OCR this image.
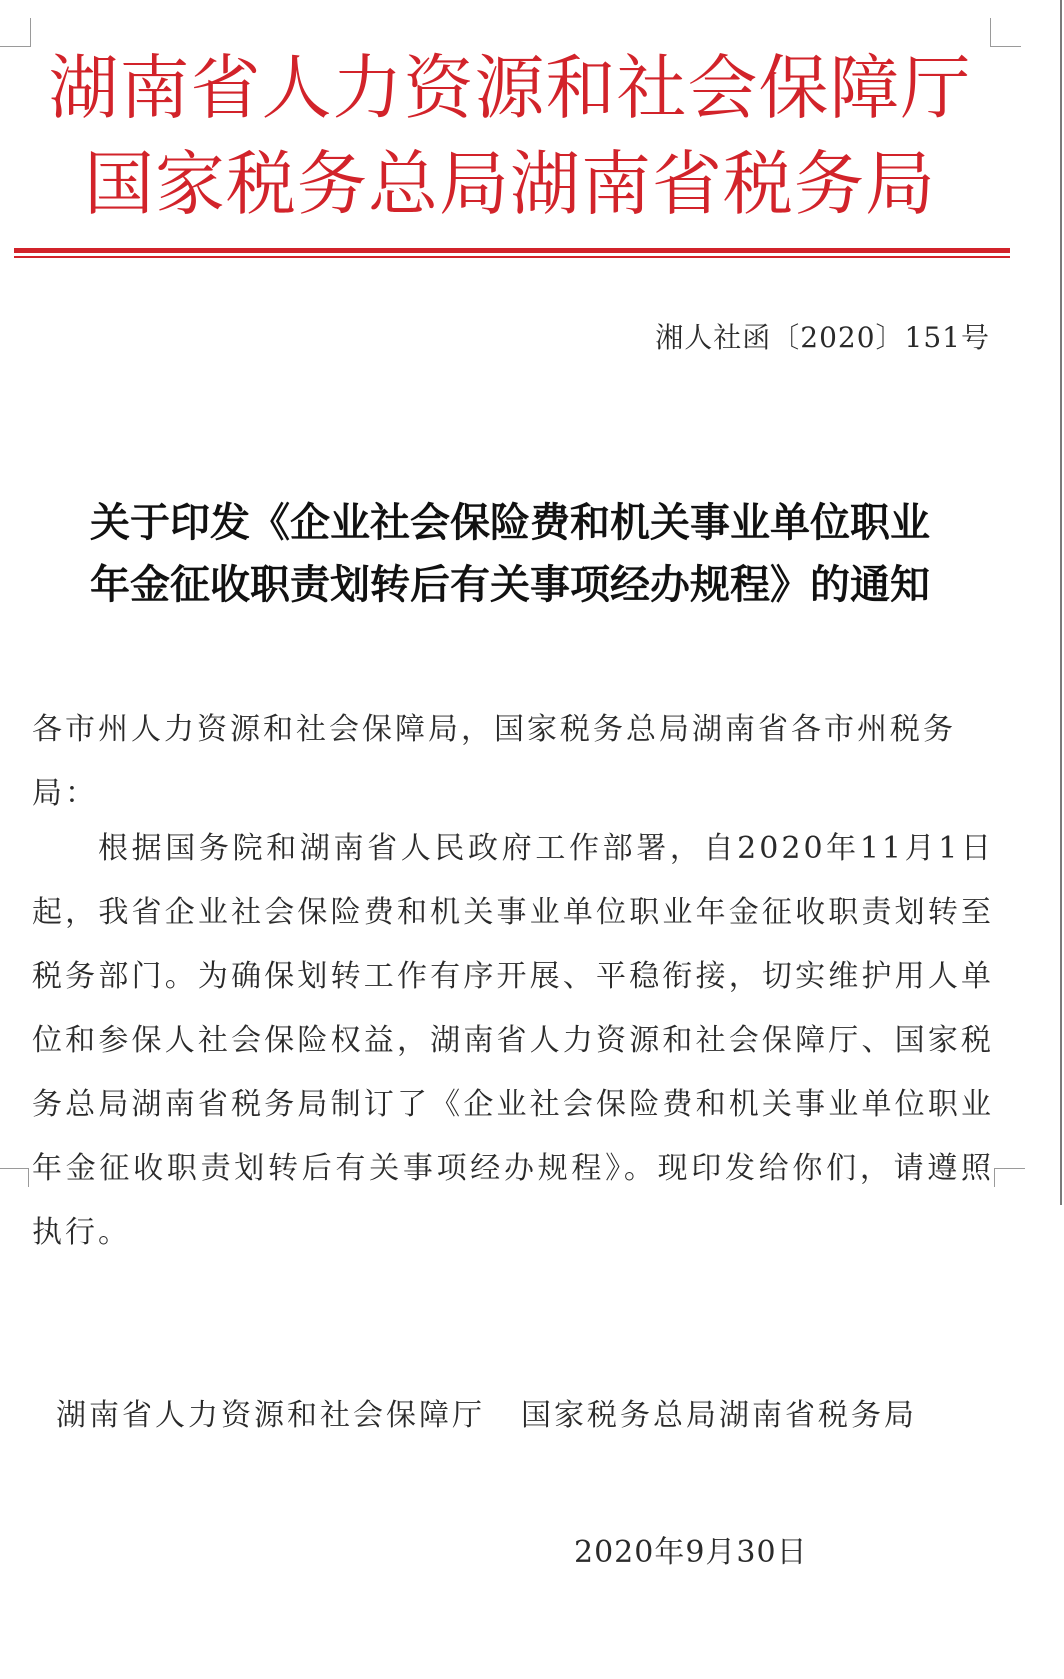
湖南省人力资源和社会保障厅
国家税务总局湖南省税务局
湘人社函〔2020〕151号
关于印发《企业社会保险费和机关事业单位职业
年金征收职责划转后有关事项经办规程》的通知
各市州人力资源和社会保障局，国家税务总局湖南省各市州税务局：
根据国务院和湖南省人民政府工作部署，自2020年11月1日起，我省企业社会保险费和机关事业单位职业年金征收职责划转至税务部门。为确保划转工作有序开展、平稳衔接，切实维护用人单位和参保人社会保险权益，湖南省人力资源和社会保障厅、国家税务总局湖南省税务局制订了《企业社会保险费和机关事业单位职业年金征收职责划转后有关事项经办规程》。现印发给你们，请遵照执行。
湖南省人力资源和社会保障厅 国家税务总局湖南省税务局
2020年9月30日
